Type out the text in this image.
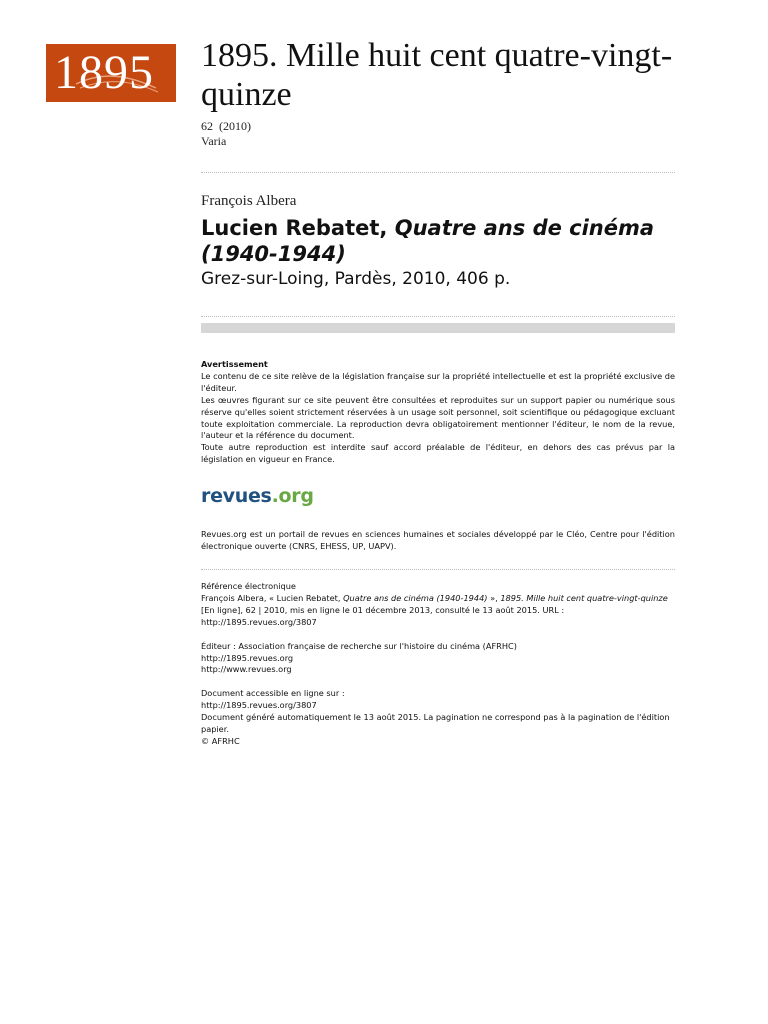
1895 1895. Mille huit cent quatre-vingt-quinze
62 (2010)
Varia
François Albera
Lucien Rebatet, Quatre ans de cinéma (1940-1944)
Grez-sur-Loing, Pardès, 2010, 406 p.

Avertissement

Le contenu de ce site relève de la législation française sur la propriété intellectuelle et est la propriété exclusive de l'éditeur.

Les œuvres figurant sur ce site peuvent être consultées et reproduites sur un support papier ou numérique sous réserve qu'elles soient strictement réservées à un usage soit personnel, soit scientifique ou pédagogique excluant toute exploitation commerciale. La reproduction devra obligatoirement mentionner l'éditeur, le nom de la revue, l'auteur et la référence du document.

Toute autre reproduction est interdite sauf accord préalable de l'éditeur, en dehors des cas prévus par la législation en vigueur en France.

revues.org

Revues.org est un portail de revues en sciences humaines et sociales développé par le Cléo, Centre pour l'édition électronique ouverte (CNRS, EHESS, UP, UAPV).

Référence électronique

François Albera, « Lucien Rebatet, Quatre ans de cinéma (1940-1944) », 1895. Mille huit cent quatre-vingt-quinze [En ligne], 62 | 2010, mis en ligne le 01 décembre 2013, consulté le 13 août 2015. URL : http://1895.revues.org/3807

Éditeur : Association française de recherche sur l'histoire du cinéma (AFRHC)

http://1895.revues.org

http://www.revues.org

Document accessible en ligne sur :

http://1895.revues.org/3807

Document généré automatiquement le 13 août 2015. La pagination ne correspond pas à la pagination de l'édition papier.

© AFRHC
